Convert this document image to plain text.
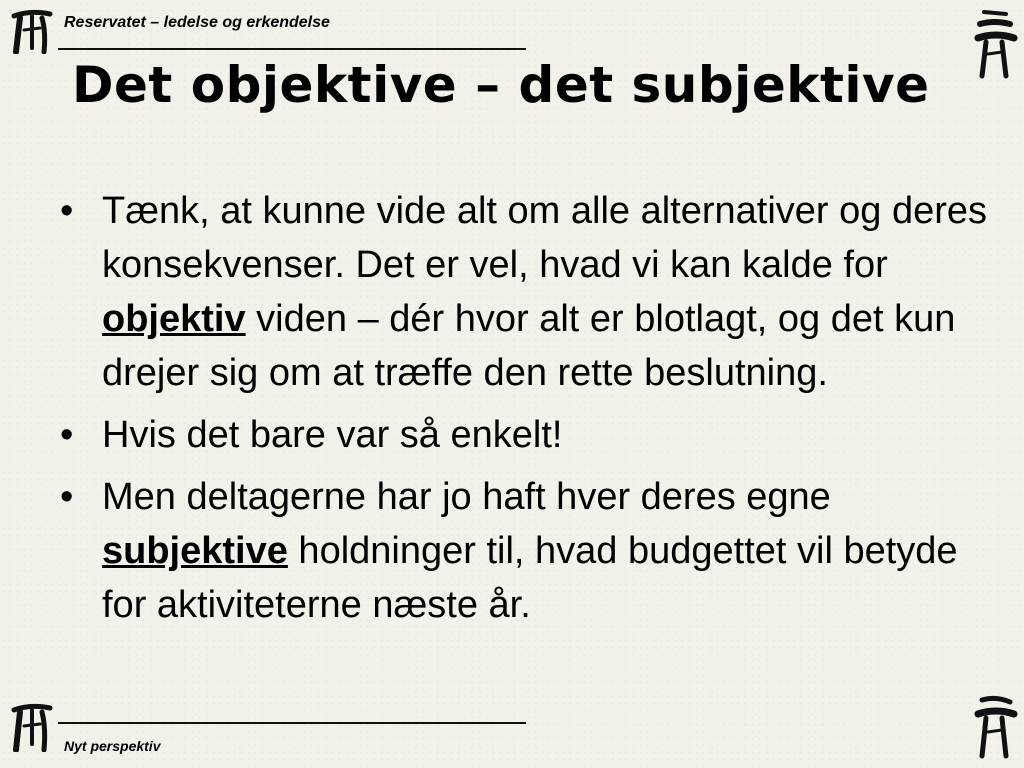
Reservatet – ledelse og erkendelse
Det objektive – det subjektive
• Tænk, at kunne vide alt om alle alternativer og deres konsekvenser. Det er vel, hvad vi kan kalde for objektiv viden – dér hvor alt er blotlagt, og det kun drejer sig om at træffe den rette beslutning.
• Hvis det bare var så enkelt!
• Men deltagerne har jo haft hver deres egne subjektive holdninger til, hvad budgettet vil betyde for aktiviteterne næste år.
Nyt perspektiv
